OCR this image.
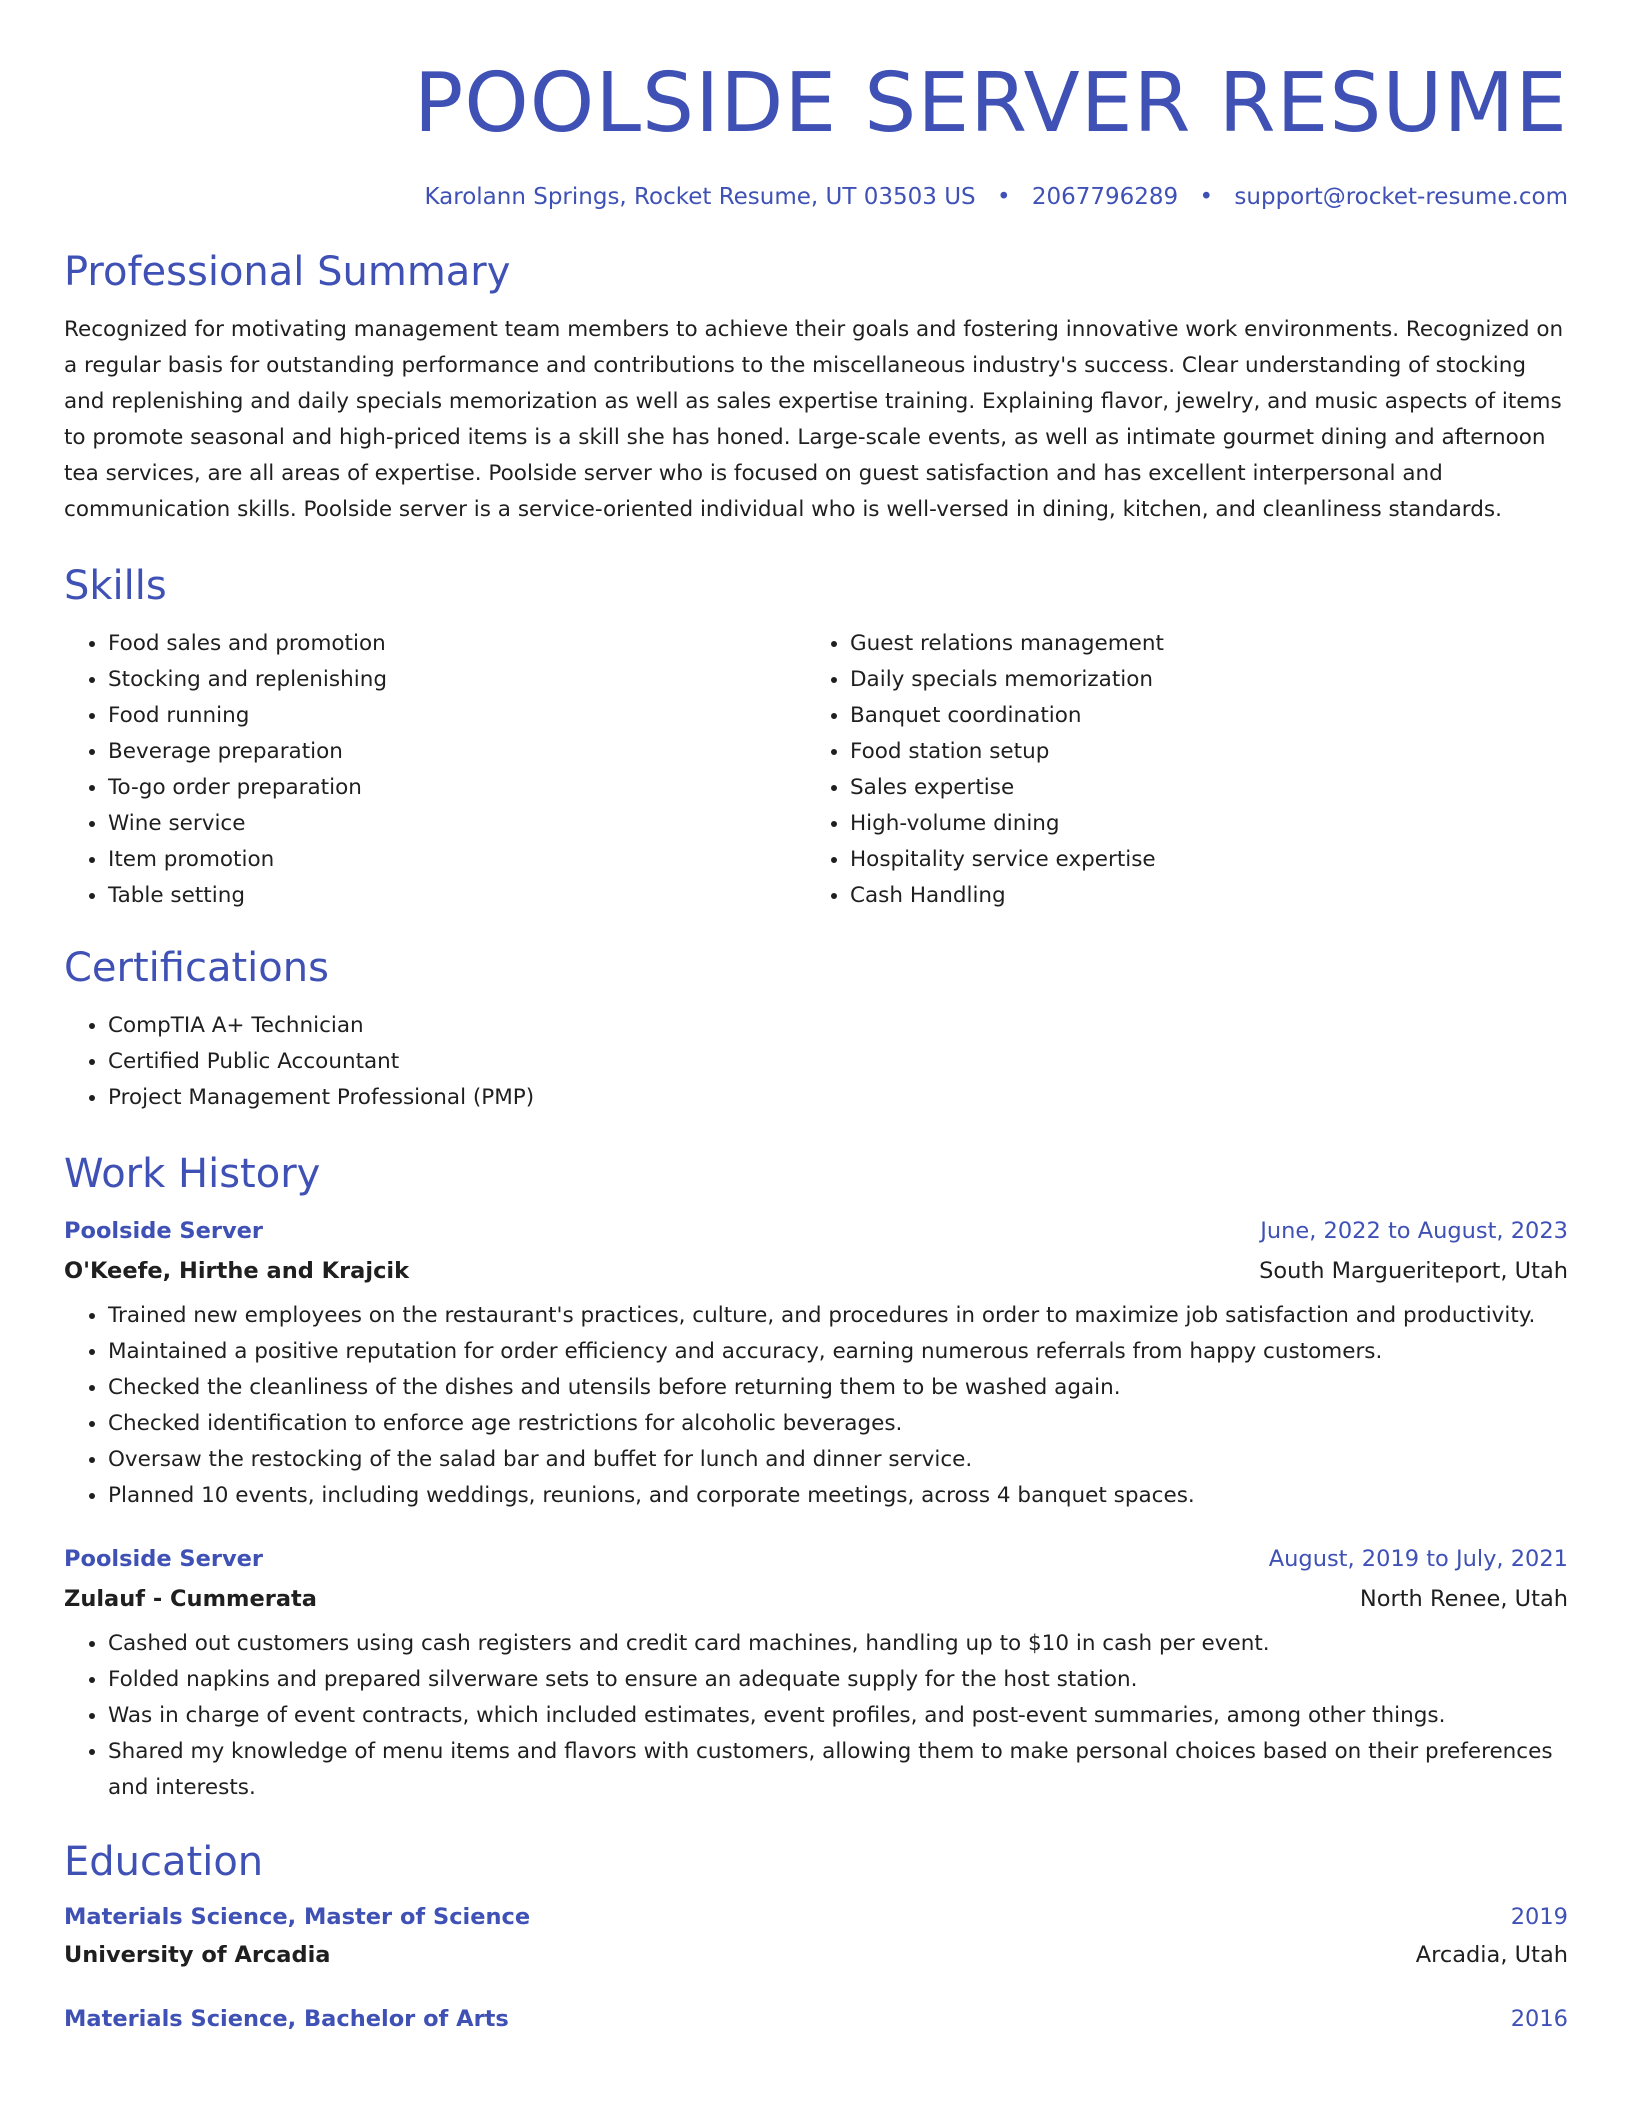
POOLSIDE SERVER RESUME
Karolann Springs, Rocket Resume, UT 03503 US • 2067796289 • support@rocket-resume.com
Professional Summary

Recognized for motivating management team members to achieve their goals and fostering innovative work environments. Recognized on a regular basis for outstanding performance and contributions to the miscellaneous industry's success. Clear understanding of stocking and replenishing and daily specials memorization as well as sales expertise training. Explaining flavor, jewelry, and music aspects of items to promote seasonal and high-priced items is a skill she has honed. Large-scale events, as well as intimate gourmet dining and afternoon tea services, are all areas of expertise. Poolside server who is focused on guest satisfaction and has excellent interpersonal and communication skills. Poolside server is a service-oriented individual who is well-versed in dining, kitchen, and cleanliness standards.

Skills
• Food sales and promotion
• Stocking and replenishing
• Food running
• Beverage preparation
• To-go order preparation
• Wine service
• Item promotion
• Table setting
• Guest relations management
• Daily specials memorization
• Banquet coordination
• Food station setup
• Sales expertise
• High-volume dining
• Hospitality service expertise
• Cash Handling
Certifications
• CompTIA A+ Technician
• Certified Public Accountant
• Project Management Professional (PMP)
Work History
Poolside Server	June, 2022 to August, 2023
O'Keefe, Hirthe and Krajcik	South Margueriteport, Utah
• Trained new employees on the restaurant's practices, culture, and procedures in order to maximize job satisfaction and productivity.
• Maintained a positive reputation for order efficiency and accuracy, earning numerous referrals from happy customers.
• Checked the cleanliness of the dishes and utensils before returning them to be washed again.
• Checked identification to enforce age restrictions for alcoholic beverages.
• Oversaw the restocking of the salad bar and buffet for lunch and dinner service.
• Planned 10 events, including weddings, reunions, and corporate meetings, across 4 banquet spaces.
Poolside Server	August, 2019 to July, 2021
Zulauf - Cummerata	North Renee, Utah
• Cashed out customers using cash registers and credit card machines, handling up to $10 in cash per event.
• Folded napkins and prepared silverware sets to ensure an adequate supply for the host station.
• Was in charge of event contracts, which included estimates, event profiles, and post-event summaries, among other things.
• Shared my knowledge of menu items and flavors with customers, allowing them to make personal choices based on their preferences and interests.
Education
Materials Science, Master of Science	2019
University of Arcadia	Arcadia, Utah
Materials Science, Bachelor of Arts	2016
